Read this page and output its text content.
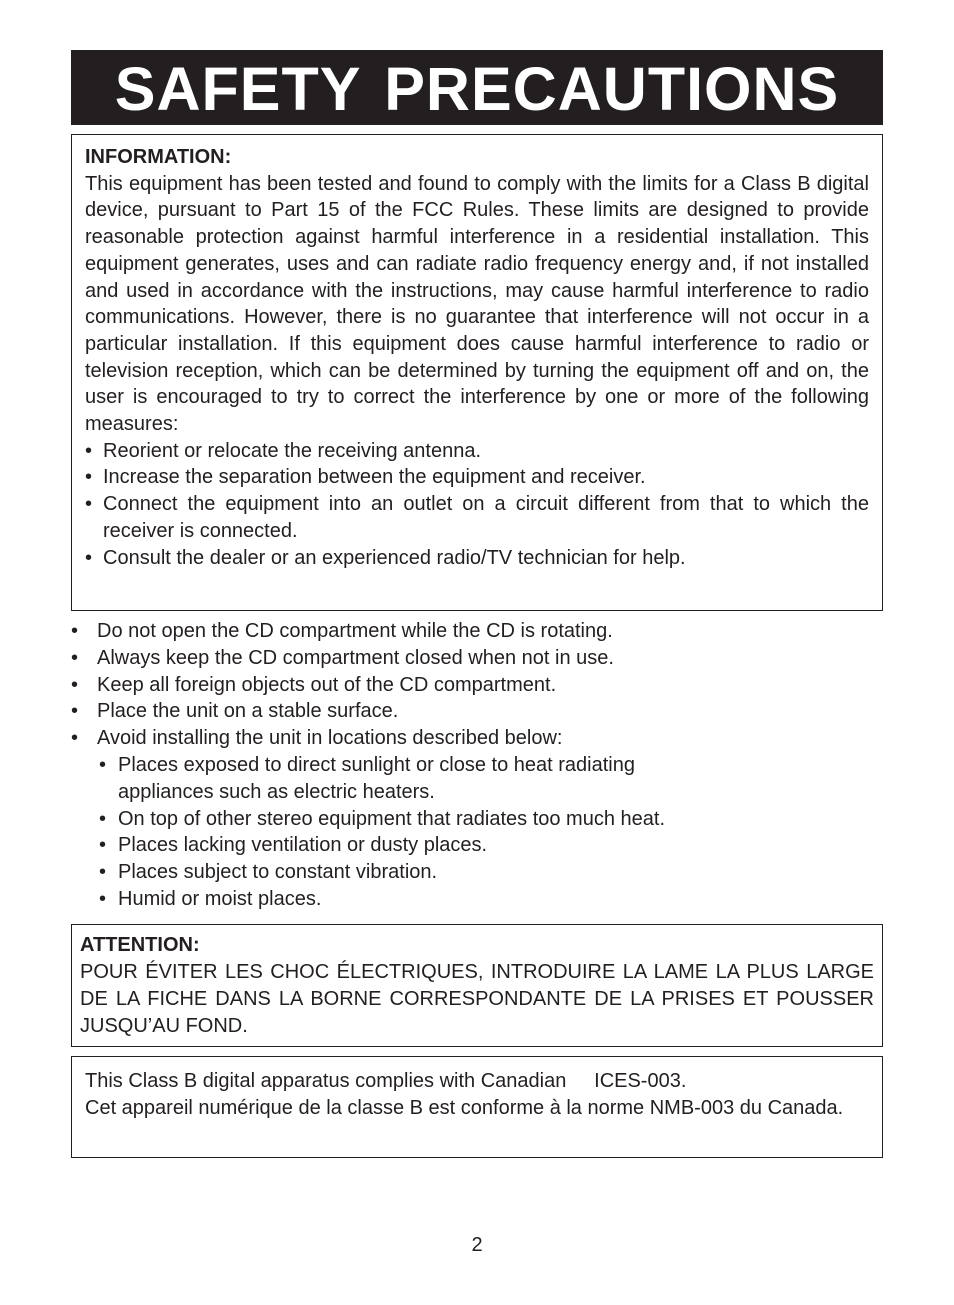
SAFETY PRECAUTIONS

INFORMATION:

This equipment has been tested and found to comply with the limits for a Class B digital device, pursuant to Part 15 of the FCC Rules. These limits are designed to provide reasonable protection against harmful interference in a residential installation. This equipment generates, uses and can radiate radio frequency energy and, if not installed and used in accordance with the instructions, may cause harmful interference to radio communications. However, there is no guarantee that interference will not occur in a particular installation. If this equipment does cause harmful interference to radio or television reception, which can be determined by turning the equipment off and on, the user is encouraged to try to correct the interference by one or more of the following measures:

• Reorient or relocate the receiving antenna.

• Increase the separation between the equipment and receiver.

• Connect the equipment into an outlet on a circuit different from that to which the receiver is connected.

• Consult the dealer or an experienced radio/TV technician for help.

• Do not open the CD compartment while the CD is rotating.

• Always keep the CD compartment closed when not in use.

• Keep all foreign objects out of the CD compartment.

• Place the unit on a stable surface.

• Avoid installing the unit in locations described below:

• Places exposed to direct sunlight or close to heat radiating appliances such as electric heaters.

• On top of other stereo equipment that radiates too much heat.

• Places lacking ventilation or dusty places.

• Places subject to constant vibration.

• Humid or moist places.

ATTENTION:

POUR ÉVITER LES CHOC ÉLECTRIQUES, INTRODUIRE LA LAME LA PLUS LARGE DE LA FICHE DANS LA BORNE CORRESPONDANTE DE LA PRISES ET POUSSER JUSQU’AU FOND.

This Class B digital apparatus complies with Canadian     ICES-003.

Cet appareil numérique de la classe B est conforme à la norme NMB-003 du Canada.

2
